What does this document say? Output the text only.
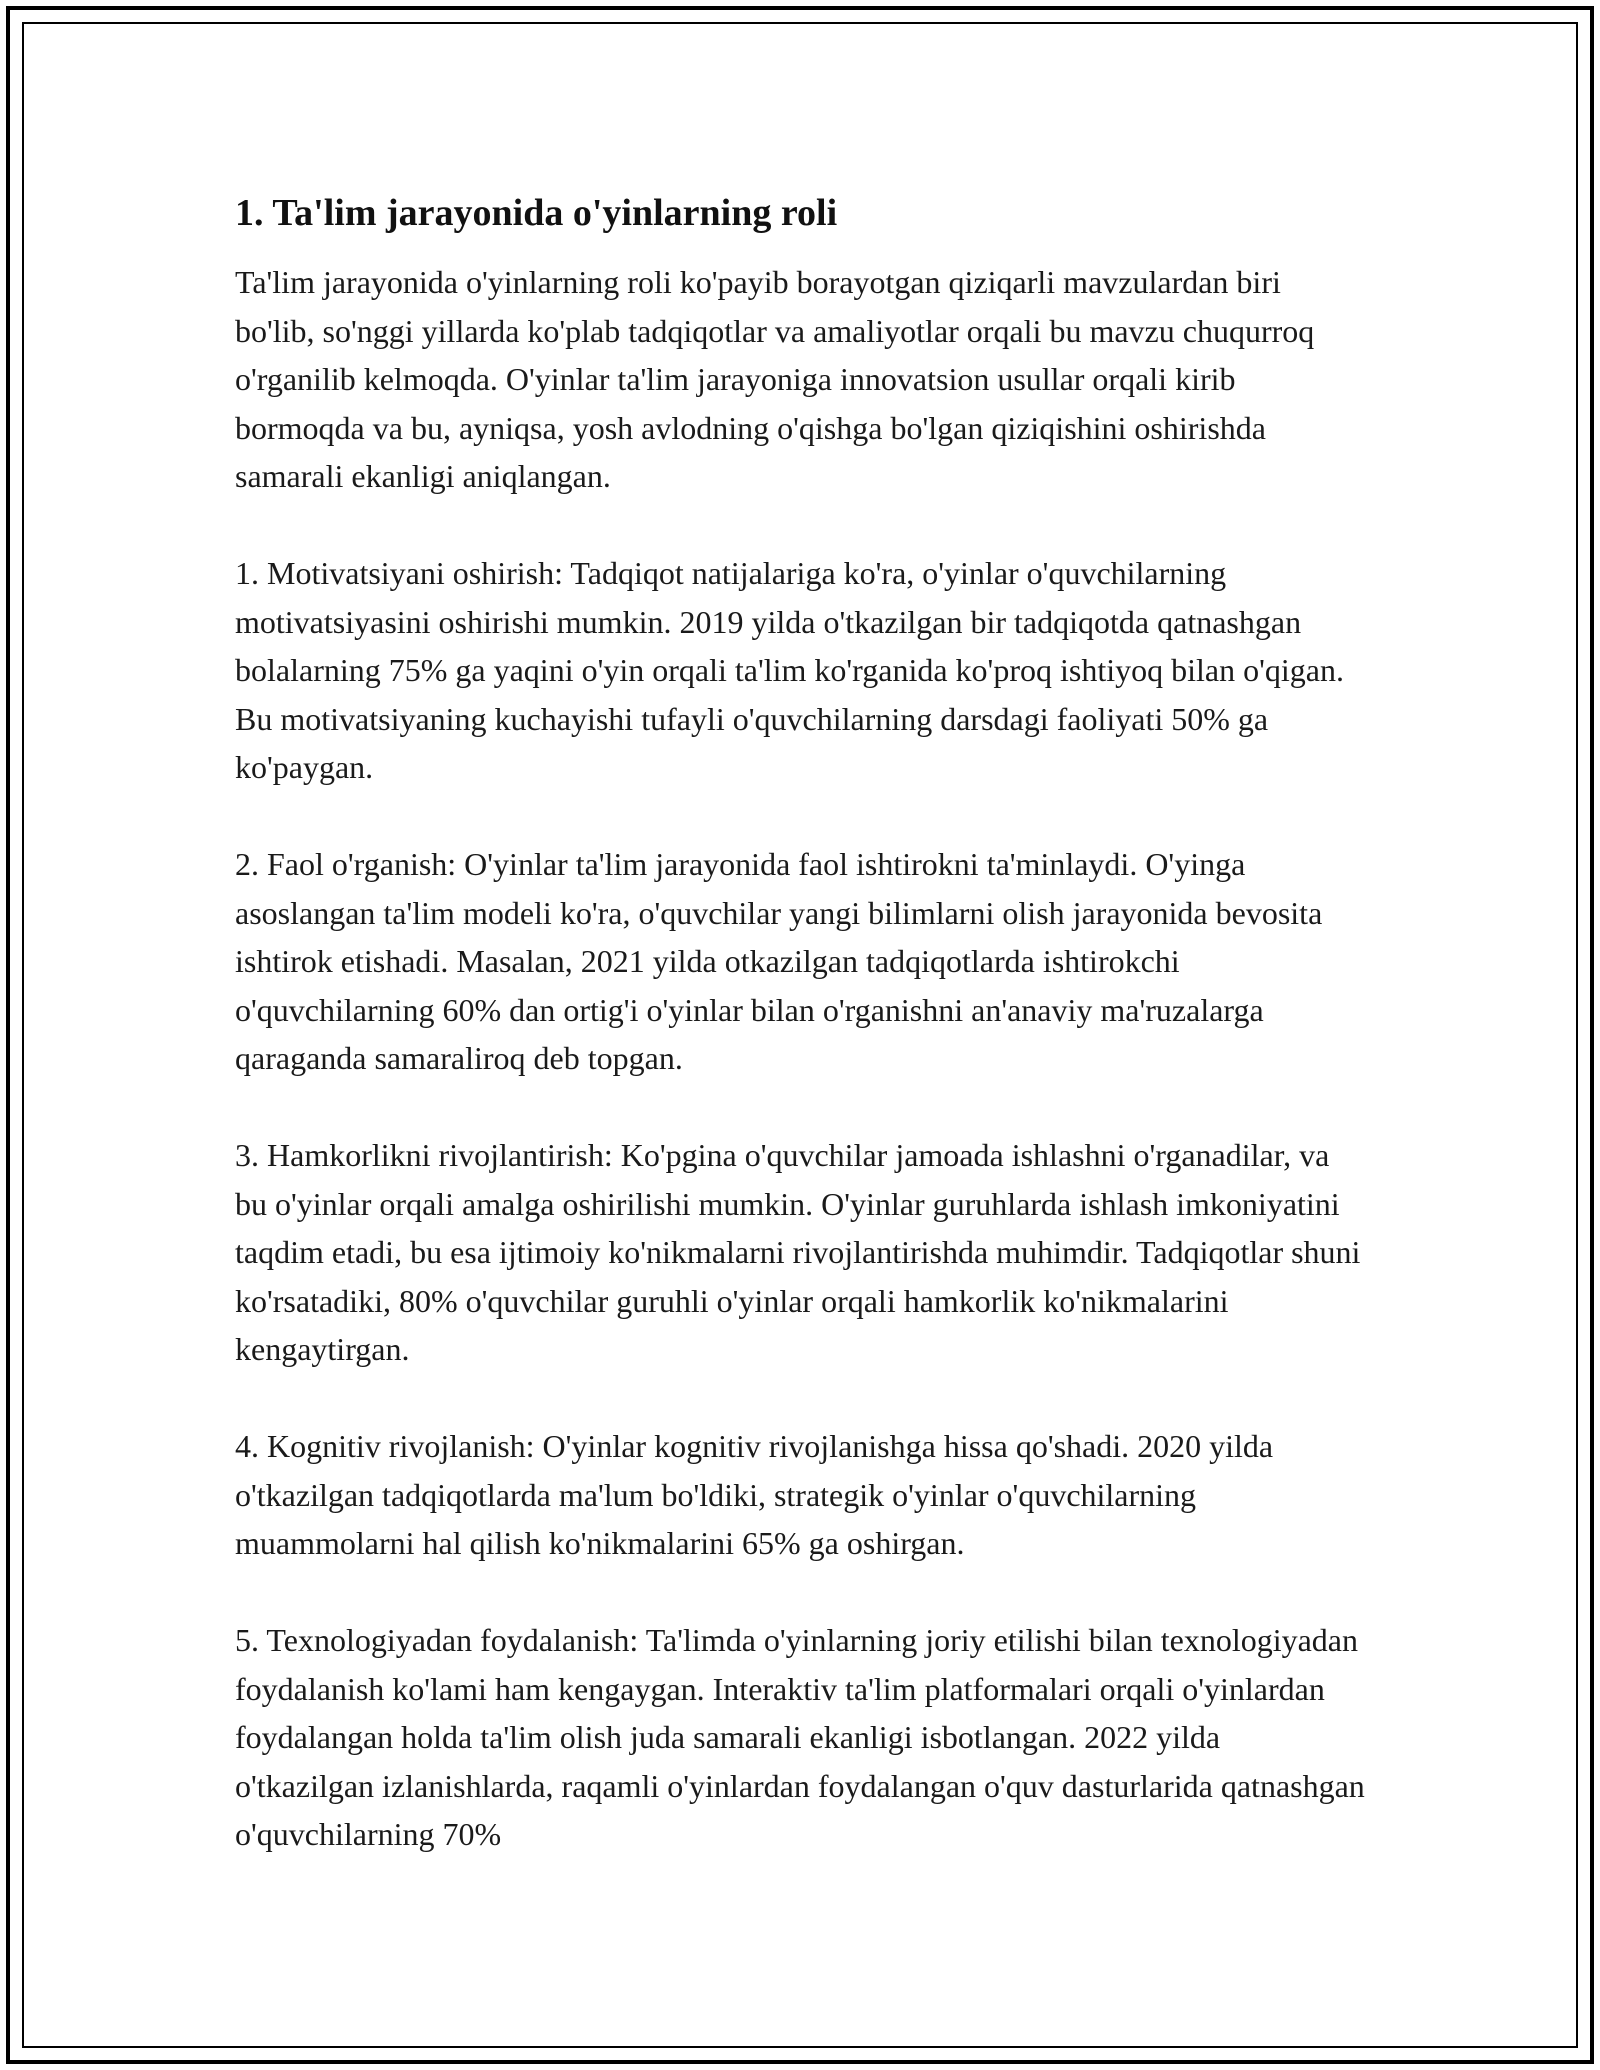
1. Ta'lim jarayonida o'yinlarning roli

Ta'lim jarayonida o'yinlarning roli ko'payib borayotgan qiziqarli mavzulardan biri bo'lib, so'nggi yillarda ko'plab tadqiqotlar va amaliyotlar orqali bu mavzu chuqurroq o'rganilib kelmoqda. O'yinlar ta'lim jarayoniga innovatsion usullar orqali kirib bormoqda va bu, ayniqsa, yosh avlodning o'qishga bo'lgan qiziqishini oshirishda samarali ekanligi aniqlangan.

1. Motivatsiyani oshirish: Tadqiqot natijalariga ko'ra, o'yinlar o'quvchilarning motivatsiyasini oshirishi mumkin. 2019 yilda o'tkazilgan bir tadqiqotda qatnashgan bolalarning 75% ga yaqini o'yin orqali ta'lim ko'rganida ko'proq ishtiyoq bilan o'qigan. Bu motivatsiyaning kuchayishi tufayli o'quvchilarning darsdagi faoliyati 50% ga ko'paygan.

2. Faol o'rganish: O'yinlar ta'lim jarayonida faol ishtirokni ta'minlaydi. O'yinga asoslangan ta'lim modeli ko'ra, o'quvchilar yangi bilimlarni olish jarayonida bevosita ishtirok etishadi. Masalan, 2021 yilda otkazilgan tadqiqotlarda ishtirokchi o'quvchilarning 60% dan ortig'i o'yinlar bilan o'rganishni an'anaviy ma'ruzalarga qaraganda samaraliroq deb topgan.

3. Hamkorlikni rivojlantirish: Ko'pgina o'quvchilar jamoada ishlashni o'rganadilar, va bu o'yinlar orqali amalga oshirilishi mumkin. O'yinlar guruhlarda ishlash imkoniyatini taqdim etadi, bu esa ijtimoiy ko'nikmalarni rivojlantirishda muhimdir. Tadqiqotlar shuni ko'rsatadiki, 80% o'quvchilar guruhli o'yinlar orqali hamkorlik ko'nikmalarini kengaytirgan.

4. Kognitiv rivojlanish: O'yinlar kognitiv rivojlanishga hissa qo'shadi. 2020 yilda o'tkazilgan tadqiqotlarda ma'lum bo'ldiki, strategik o'yinlar o'quvchilarning muammolarni hal qilish ko'nikmalarini 65% ga oshirgan.

5. Texnologiyadan foydalanish: Ta'limda o'yinlarning joriy etilishi bilan texnologiyadan foydalanish ko'lami ham kengaygan. Interaktiv ta'lim platformalari orqali o'yinlardan foydalangan holda ta'lim olish juda samarali ekanligi isbotlangan. 2022 yilda o'tkazilgan izlanishlarda, raqamli o'yinlardan foydalangan o'quv dasturlarida qatnashgan o'quvchilarning 70%
